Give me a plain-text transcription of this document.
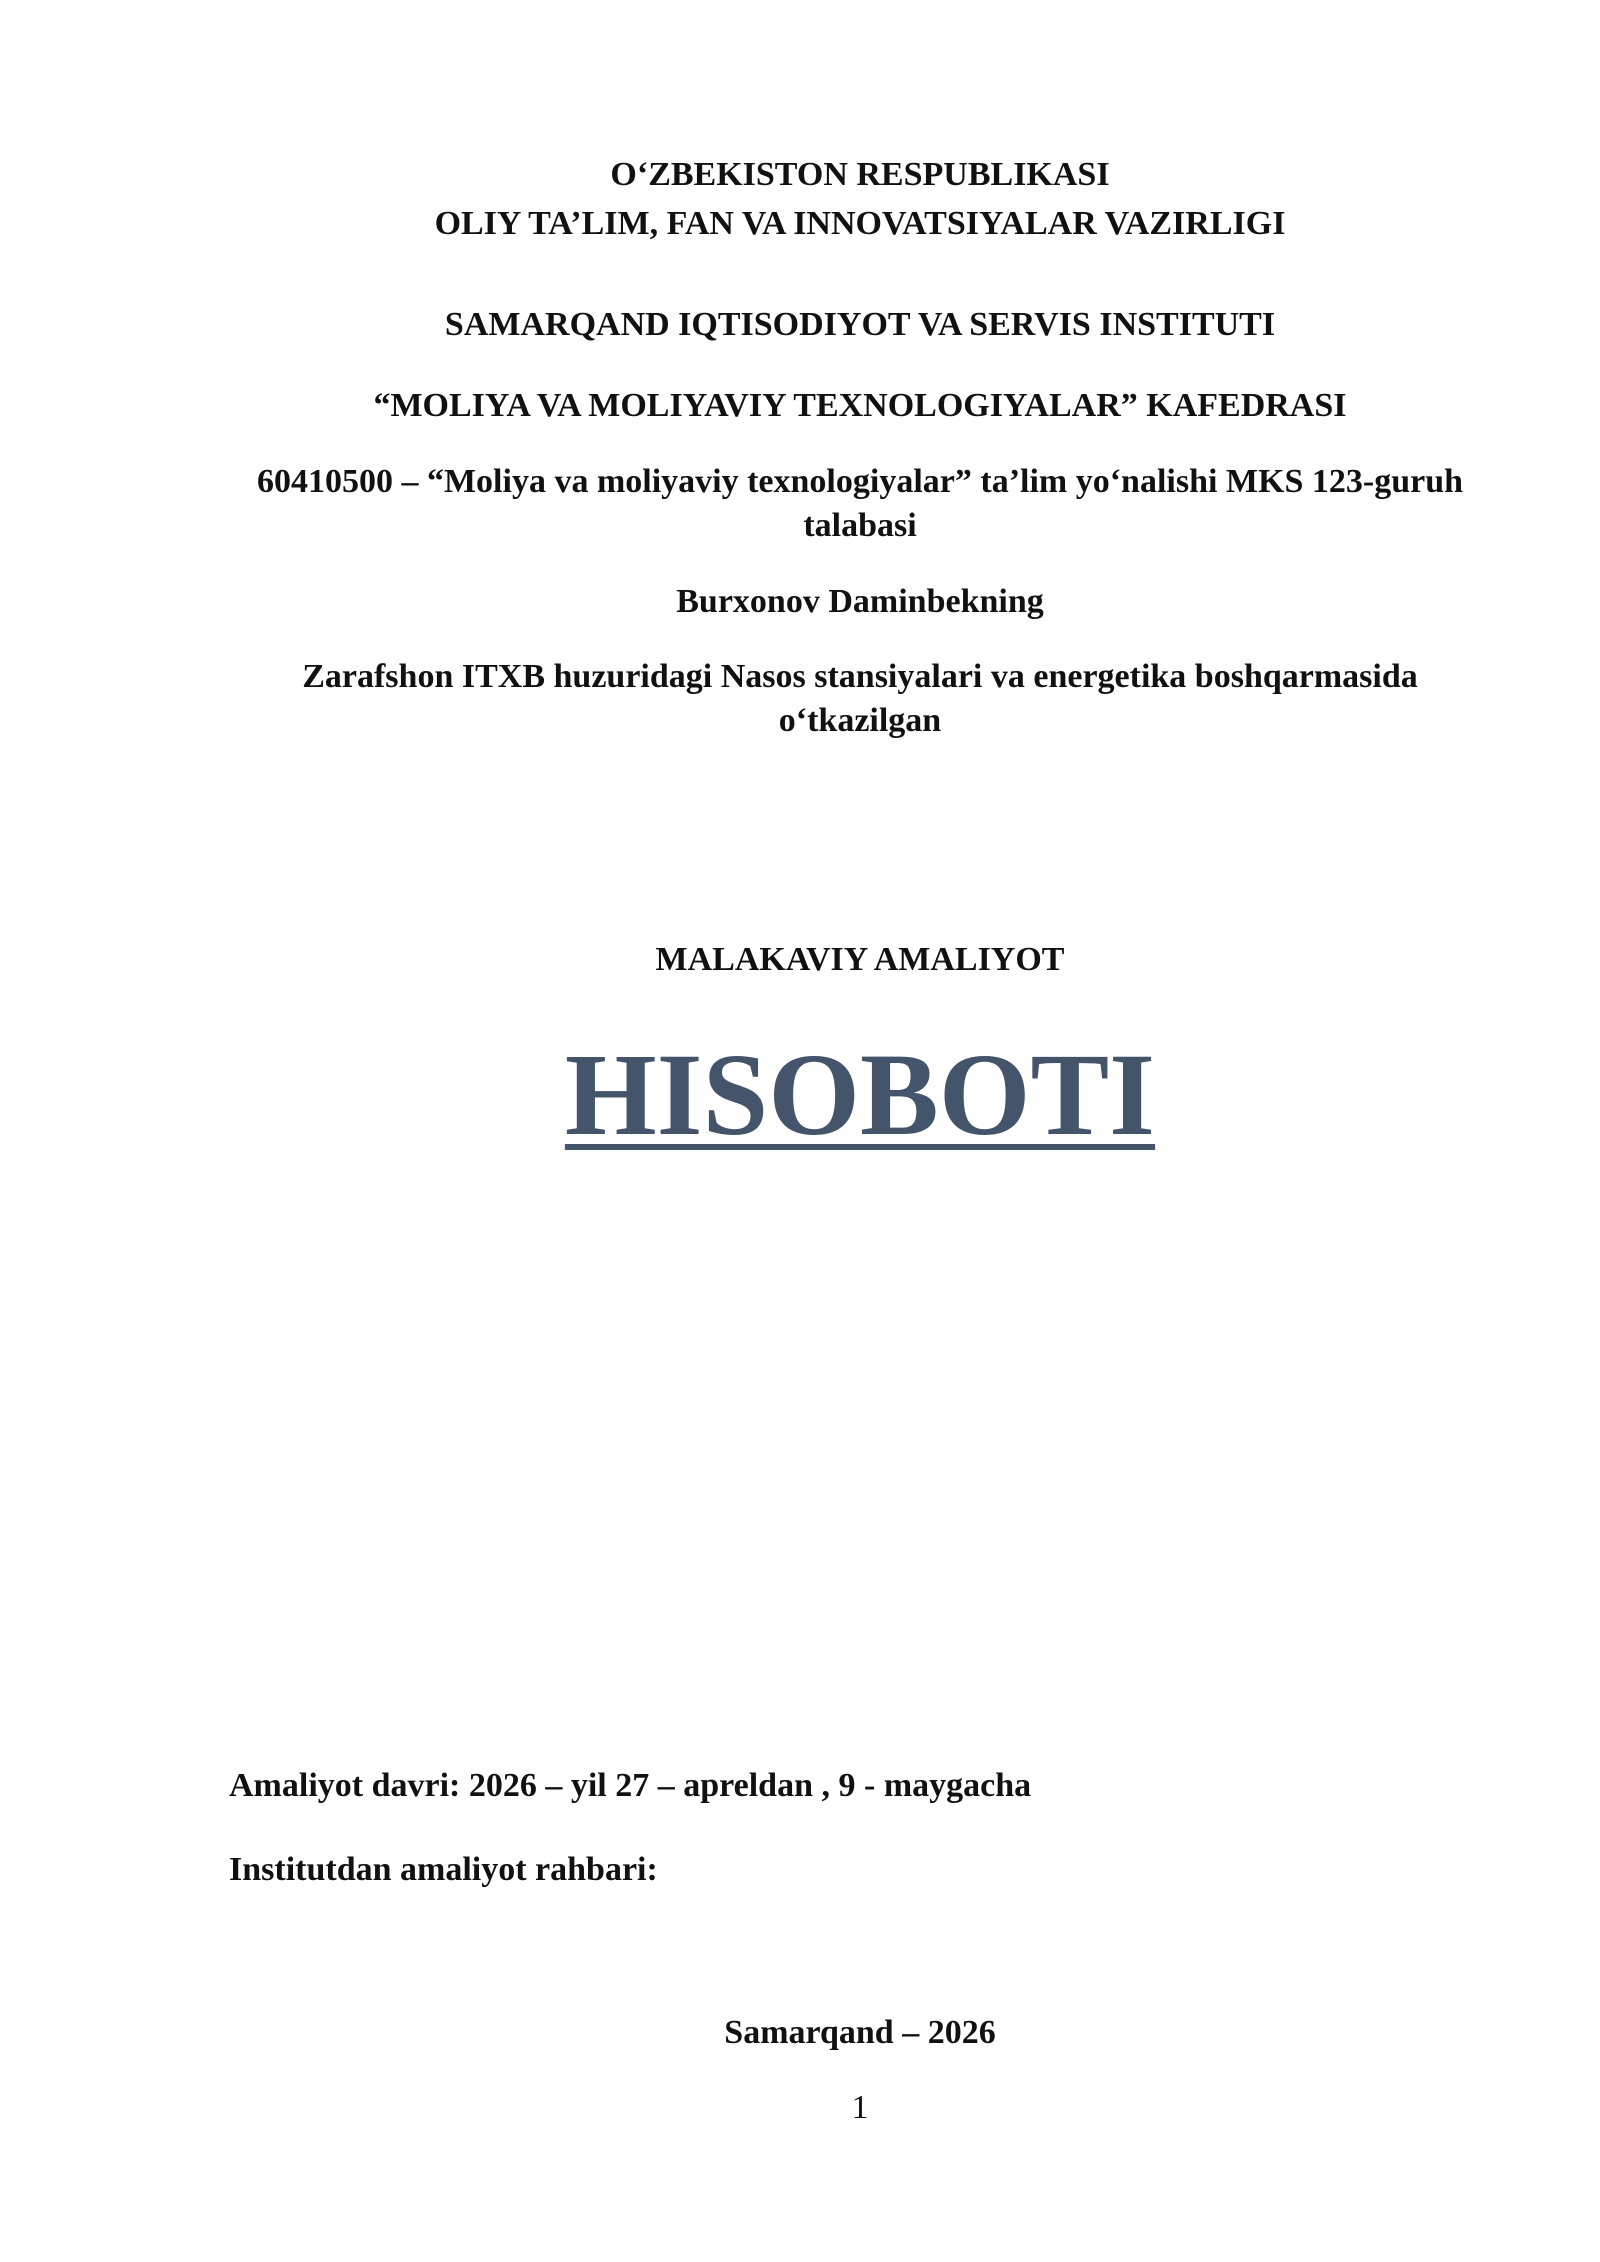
O‘ZBEKISTON RESPUBLIKASI
OLIY TA’LIM, FAN VA INNOVATSIYALAR VAZIRLIGI
SAMARQAND IQTISODIYOT VA SERVIS INSTITUTI
“MOLIYA VA MOLIYAVIY TEXNOLOGIYALAR” KAFEDRASI
60410500 – “Moliya va moliyaviy texnologiyalar” ta’lim yo‘nalishi MKS 123-guruh talabasi
Burxonov Daminbekning
Zarafshon ITXB huzuridagi Nasos stansiyalari va energetika boshqarmasida o‘tkazilgan
MALAKAVIY AMALIYOT
HISOBOTI
Amaliyot davri: 2026 – yil 27 – apreldan , 9 - maygacha
Institutdan amaliyot rahbari:
Samarqand – 2026
1
